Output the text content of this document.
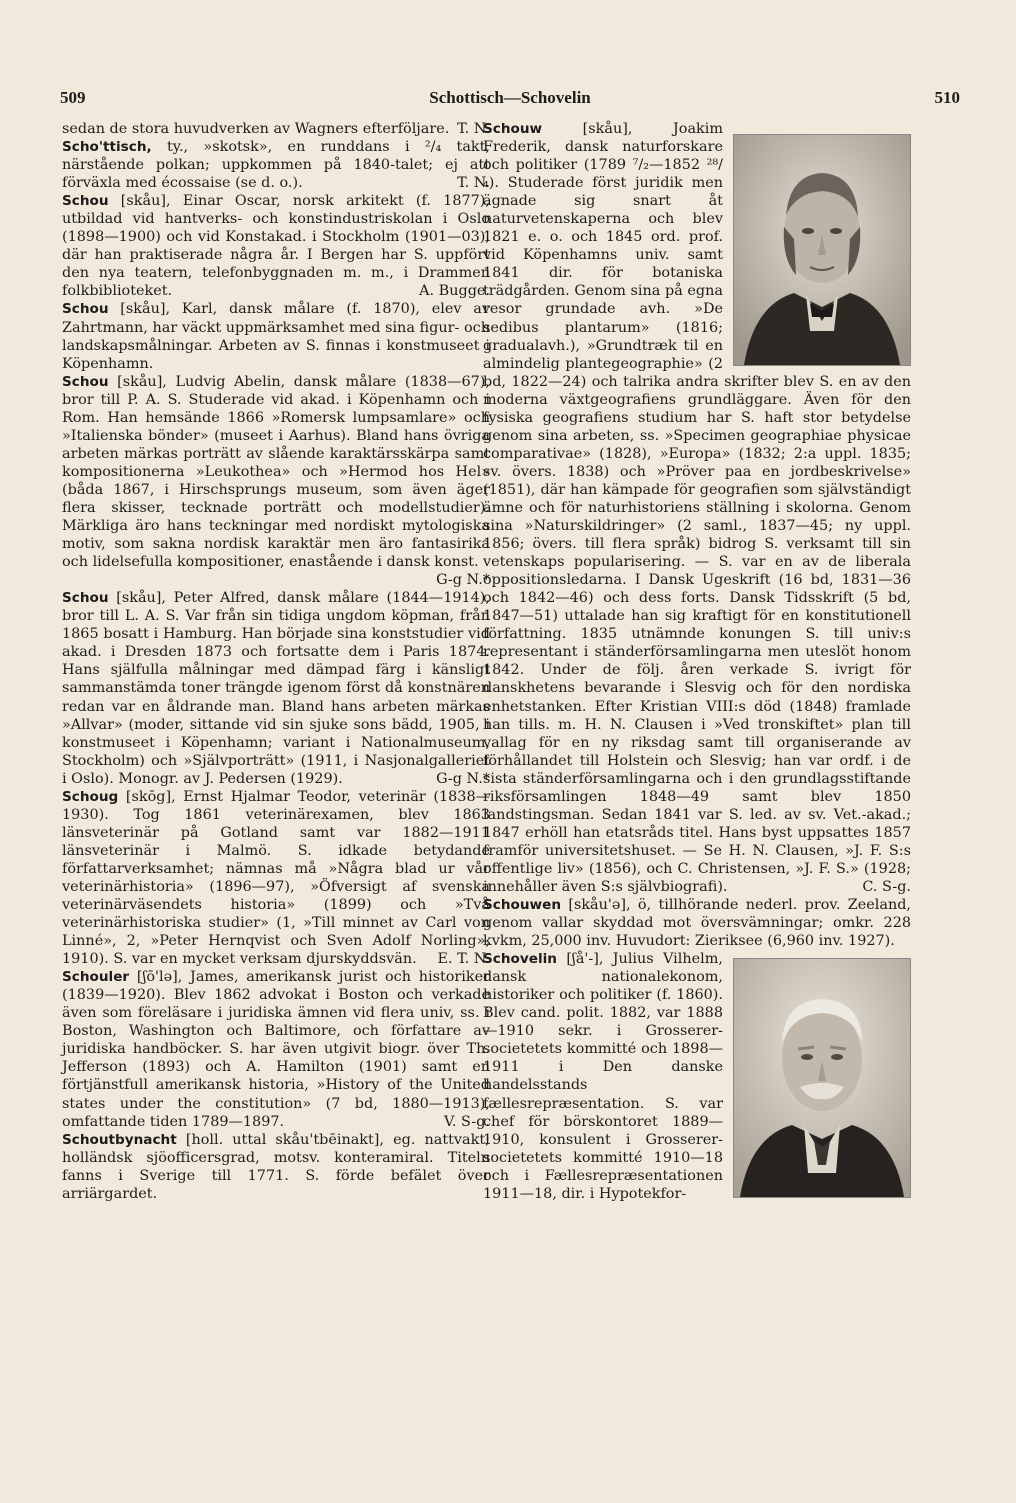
509	Schottisch—Schovelin	510

sedan de stora huvudverken av Wagners efterföljare. T. N.

Scho'ttisch, ty., »skotsk», en runddans i ²/₄ takt, närstående polkan; uppkommen på 1840-talet; ej att förväxla med écossaise (se d. o.).	T. N.

Schou [skåu], Einar Oscar, norsk arkitekt (f. 1877), utbildad vid hantverks- och konstindustriskolan i Oslo (1898—1900) och vid Konstakad. i Stockholm (1901—03), där han praktiserade några år. I Bergen har S. uppfört den nya teatern, telefonbyggnaden m. m., i Drammen folkbiblioteket.	A. Bugge.

Schou [skåu], Karl, dansk målare (f. 1870), elev av Zahrtmann, har väckt uppmärksamhet med sina figur- och landskapsmålningar. Arbeten av S. finnas i konstmuseet i Köpenhamn.

Schou [skåu], Ludvig Abelin, dansk målare (1838—67), bror till P. A. S. Studerade vid akad. i Köpenhamn och i Rom. Han hemsände 1866 »Romersk lumpsamlare» och »Italienska bönder» (museet i Aarhus). Bland hans övriga arbeten märkas porträtt av slående karaktärsskärpa samt kompositionerna »Leukothea» och »Hermod hos Hel» (båda 1867, i Hirschsprungs museum, som även äger flera skisser, tecknade porträtt och modellstudier). Märkliga äro hans teckningar med nordiskt mytologiska motiv, som sakna nordisk karaktär men äro fantasirika och lidelsefulla kompositioner, enastående i dansk konst.
G-g N.*

Schou [skåu], Peter Alfred, dansk målare (1844—1914), bror till L. A. S. Var från sin tidiga ungdom köpman, från 1865 bosatt i Hamburg. Han började sina konststudier vid akad. i Dresden 1873 och fortsatte dem i Paris 1874. Hans själfulla målningar med dämpad färg i känsligt sammanstämda toner trängde igenom först då konstnären redan var en åldrande man. Bland hans arbeten märkas »Allvar» (moder, sittande vid sin sjuke sons bädd, 1905, i konstmuseet i Köpenhamn; variant i Nationalmuseum, Stockholm) och »Självporträtt» (1911, i Nasjonalgalleriet i Oslo). Monogr. av J. Pedersen (1929).	G-g N.*

Schoug [skōg], Ernst Hjalmar Teodor, veterinär (1838—1930). Tog 1861 veterinärexamen, blev 1863 länsveterinär på Gotland samt var 1882—1911 länsveterinär i Malmö. S. idkade betydande författarverksamhet; nämnas må »Några blad ur vår veterinärhistoria» (1896—97), »Öfversigt af svenska veterinärväsendets historia» (1899) och »Två veterinärhistoriska studier» (1, »Till minnet av Carl von Linné», 2, »Peter Hernqvist och Sven Adolf Norling», 1910). S. var en mycket verksam djurskyddsvän. E. T. N.

Schouler [ʃō'lə], James, amerikansk jurist och historiker (1839—1920). Blev 1862 advokat i Boston och verkade även som föreläsare i juridiska ämnen vid flera univ, ss. i Boston, Washington och Baltimore, och författare av juridiska handböcker. S. har även utgivit biogr. över Th. Jefferson (1893) och A. Hamilton (1901) samt en förtjänstfull amerikansk historia, »History of the United states under the constitution» (7 bd, 1880—1913), omfattande tiden 1789—1897.	V. S-g.

Schoutbynacht [holl. uttal skåu'tbēinakt], eg. nattvakt; holländsk sjöofficersgrad, motsv. konteramiral. Titeln fanns i Sverige till 1771. S. förde befälet över arriärgardet.

Schouw [skåu], Joakim Frederik, dansk naturforskare och politiker (1789 ⁷/₂—1852 ²⁸/₄). Studerade först juridik men ägnade sig snart åt naturvetenskaperna och blev 1821 e. o. och 1845 ord. prof. vid Köpenhamns univ. samt 1841 dir. för botaniska trädgården. Genom sina på egna resor grundade avh. »De sedibus plantarum» (1816; gradualavh.), »Grundtræk til en almindelig plantegeographie» (2 bd, 1822—24) och talrika andra skrifter blev S. en av den moderna växtgeografiens grundläggare. Även för den fysiska geografiens studium har S. haft stor betydelse genom sina arbeten, ss. »Specimen geographiae physicae comparativae» (1828), »Europa» (1832; 2:a uppl. 1835; sv. övers. 1838) och »Pröver paa en jordbeskrivelse» (1851), där han kämpade för geografien som självständigt ämne och för naturhistoriens ställning i skolorna. Genom sina »Naturskildringer» (2 saml., 1837—45; ny uppl. 1856; övers. till flera språk) bidrog S. verksamt till sin vetenskaps popularisering. — S. var en av de liberala oppositionsledarna. I Dansk Ugeskrift (16 bd, 1831—36 och 1842—46) och dess forts. Dansk Tidsskrift (5 bd, 1847—51) uttalade han sig kraftigt för en konstitutionell författning. 1835 utnämnde konungen S. till univ:s representant i ständerförsamlingarna men uteslöt honom 1842. Under de följ. åren verkade S. ivrigt för danskhetens bevarande i Slesvig och för den nordiska enhetstanken. Efter Kristian VIII:s död (1848) framlade han tills. m. H. N. Clausen i »Ved tronskiftet» plan till vallag för en ny riksdag samt till organiserande av förhållandet till Holstein och Slesvig; han var ordf. i de sista ständerförsamlingarna och i den grundlagsstiftande riksförsamlingen 1848—49 samt blev 1850 landstingsman. Sedan 1841 var S. led. av sv. Vet.-akad.; 1847 erhöll han etatsråds titel. Hans byst uppsattes 1857 framför universitetshuset. — Se H. N. Clausen, »J. F. S:s offentlige liv» (1856), och C. Christensen, »J. F. S.» (1928; innehåller även S:s självbiografi).	C. S-g.

Schouwen [skåu'ə], ö, tillhörande nederl. prov. Zeeland, genom vallar skyddad mot översvämningar; omkr. 228 kvkm, 25,000 inv. Huvudort: Zieriksee (6,960 inv. 1927).

Schovelin [ʃå'-], Julius Vilhelm, dansk nationalekonom, historiker och politiker (f. 1860). Blev cand. polit. 1882, var 1888—1910 sekr. i Grosserer-societetets kommitté och 1898—1911 i Den danske handelsstands fællesrepræsentation. S. var chef för börskontoret 1889—1910, konsulent i Grosserer-societetets kommitté 1910—18 och i Fællesrepræsentationen 1911—18, dir. i Hypotekfor-
